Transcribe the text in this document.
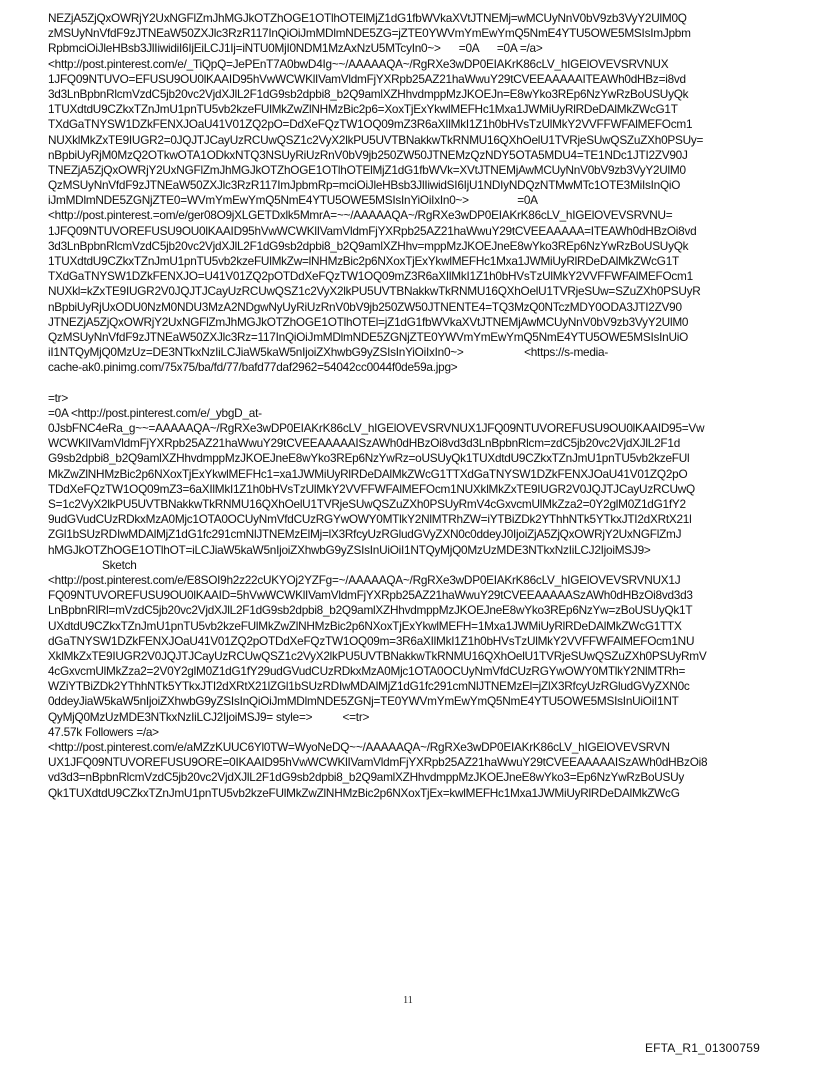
NEZjA5ZjQxOWRjY2UxNGFlZmJhMGJkOTZhOGE1OTlhOTElMjZ1dG1fbWVkaXVtJTNEMj=wMCUyNnV0bV9zb3VyY2UlM0Q
zMSUyNnVfdF9zJTNEaW50ZXJlc3RzR117InQiOiJmMDlmNDE5ZG=jZTE0YWVmYmEwYmQ5NmE4YTU5OWE5MSIsImJpbm
RpbmciOiJleHBsb3JlIiwidiI6IjEiLCJ1Ij=iNTU0MjI0NDM1MzAxNzU5MTcyIn0~>      =0A      =0A =/a>
<http://post.pinterest.com/e/_TiQpQ=JePEnT7A0bwD4Ig~~/AAAAAQA~/RgRXe3wDP0EIAKrK86cLV_hIGElOVEVSRVNUX
1JFQ09NTUVO=EFUSU9OU0lKAAID95hVwWCWKlIVamVldmFjYXRpb25AZ21haWwuY29tCVEEAAAAAITEAWh0dHBz=i8vd
3d3LnBpbnRlcmVzdC5jb20vc2VjdXJlL2F1dG9sb2dpbi8_b2Q9amlXZHhvdmppMzJKOEJn=E8wYko3REp6NzYwRzBoUSUyQk
1TUXdtdU9CZkxTZnJmU1pnTU5vb2kzeFUlMkZwZlNHMzBic2p6=XoxTjExYkwlMEFHc1Mxa1JWMiUyRlRDeDAlMkZWcG1T
TXdGaTNYSW1DZkFENXJOaU41V01ZQ2pO=DdXeFQzTW1OQ09mZ3R6aXIlMkI1Z1h0bHVsTzUlMkY2VVFFWFAlMEFOcm1
NUXklMkZxTE9IUGR2=0JQJTJCayUzRCUwQSZ1c2VyX2lkPU5UVTBNakkwTkRNMU16QXhOelU1TVRjeSUwQSZuZXh0PSUy=
nBpbiUyRjM0MzQ2OTkwOTA1ODkxNTQ3NSUyRiUzRnV0bV9jb250ZW50JTNEMzQzNDY5OTA5MDU4=TE1NDc1JTI2ZV90J
TNEZjA5ZjQxOWRjY2UxNGFlZmJhMGJkOTZhOGE1OTlhOTElMjZ1dG1fbWVk=XVtJTNEMjAwMCUyNnV0bV9zb3VyY2UlM0
QzMSUyNnVfdF9zJTNEaW50ZXJlc3RzR117ImJpbmRp=mciOiJleHBsb3JlIiwidSI6IjU1NDIyNDQzNTMwMTc1OTE3MiIsInQiO
iJmMDlmNDE5ZGNjZTE0=WVmYmEwYmQ5NmE4YTU5OWE5MSIsInYiOiIxIn0~>                =0A
<http://post.pinterest.=om/e/ger08O9jXLGETDxlk5MmrA=~~/AAAAAQA~/RgRXe3wDP0EIAKrK86cLV_hIGElOVEVSRVNU=
1JFQ09NTUVOREFUSU9OU0lKAAID95hVwWCWKlIVamVldmFjYXRpb25AZ21haWwuY29tCVEEAAAAA=ITEAWh0dHBzOi8vd
3d3LnBpbnRlcmVzdC5jb20vc2VjdXJlL2F1dG9sb2dpbi8_b2Q9amlXZHhv=mppMzJKOEJneE8wYko3REp6NzYwRzBoUSUyQk
1TUXdtdU9CZkxTZnJmU1pnTU5vb2kzeFUlMkZw=lNHMzBic2p6NXoxTjExYkwlMEFHc1Mxa1JWMiUyRlRDeDAlMkZWcG1T
TXdGaTNYSW1DZkFENXJO=U41V01ZQ2pOTDdXeFQzTW1OQ09mZ3R6aXIlMkI1Z1h0bHVsTzUlMkY2VVFFWFAlMEFOcm1
NUXkl=kZxTE9IUGR2V0JQJTJCayUzRCUwQSZ1c2VyX2lkPU5UVTBNakkwTkRNMU16QXhOelU1TVRjeSUw=SZuZXh0PSUyR
nBpbiUyRjUxODU0NzM0NDU3MzA2NDgwNyUyRiUzRnV0bV9jb250ZW50JTNENTE4=TQ3MzQ0NTczMDY0ODA3JTI2ZV90
JTNEZjA5ZjQxOWRjY2UxNGFlZmJhMGJkOTZhOGE1OTlhOTEl=jZ1dG1fbWVkaXVtJTNEMjAwMCUyNnV0bV9zb3VyY2UlM0
QzMSUyNnVfdF9zJTNEaW50ZXJlc3Rz=117InQiOiJmMDlmNDE5ZGNjZTE0YWVmYmEwYmQ5NmE4YTU5OWE5MSIsInUiO
iI1NTQyMjQ0MzUz=DE3NTkxNzIiLCJiaW5kaW5nIjoiZXhwbG9yZSIsInYiOiIxIn0~>                    <https://s-media-
cache-ak0.pinimg.com/75x75/ba/fd/77/bafd77daf2962=54042cc0044f0de59a.jpg>
=tr>
=0A <http://post.pinterest.com/e/_ybgD_at-
0JsbFNC4eRa_g~~=AAAAAQA~/RgRXe3wDP0EIAKrK86cLV_hIGElOVEVSRVNUX1JFQ09NTUVOREFUSU9OU0lKAAID95=Vw
WCWKlIVamVldmFjYXRpb25AZ21haWwuY29tCVEEAAAAAISzAWh0dHBzOi8vd3d3LnBpbnRlcm=zdC5jb20vc2VjdXJlL2F1d
G9sb2dpbi8_b2Q9amlXZHhvdmppMzJKOEJneE8wYko3REp6NzYwRz=oUSUyQk1TUXdtdU9CZkxTZnJmU1pnTU5vb2kzeFUl
MkZwZlNHMzBic2p6NXoxTjExYkwlMEFHc1=xa1JWMiUyRlRDeDAlMkZWcG1TTXdGaTNYSW1DZkFENXJOaU41V01ZQ2pO
TDdXeFQzTW1OQ09mZ3=6aXIlMkI1Z1h0bHVsTzUlMkY2VVFFWFAlMEFOcm1NUXklMkZxTE9IUGR2V0JQJTJCayUzRCUwQ
S=1c2VyX2lkPU5UVTBNakkwTkRNMU16QXhOelU1TVRjeSUwQSZuZXh0PSUyRmV4cGxvcmUlMkZza2=0Y2glM0Z1dG1fY2
9udGVudCUzRDkxMzA0Mjc1OTA0OCUyNmVfdCUzRGYwOWY0MTlkY2NlMTRhZW=iYTBiZDk2YThhNTk5YTkxJTI2dXRtX21l
ZGl1bSUzRDIwMDAlMjZ1dG1fc291cmNlJTNEMzElMj=lX3RfcyUzRGludGVyZXN0c0ddeyJ0IjoiZjA5ZjQxOWRjY2UxNGFlZmJ
hMGJkOTZhOGE1OTlhOT=iLCJiaW5kaW5nIjoiZXhwbG9yZSIsInUiOiI1NTQyMjQ0MzUzMDE3NTkxNzIiLCJ2IjoiMSJ9>
Sketch
<http://post.pinterest.com/e/E8SOI9h2z22cUKYOj2YZFg=~/AAAAAQA~/RgRXe3wDP0EIAKrK86cLV_hIGElOVEVSRVNUX1J
FQ09NTUVOREFUSU9OU0lKAAID=5hVwWCWKlIVamVldmFjYXRpb25AZ21haWwuY29tCVEEAAAAASzAWh0dHBzOi8vd3d3
LnBpbnRlRl=mVzdC5jb20vc2VjdXJlL2F1dG9sb2dpbi8_b2Q9amlXZHhvdmppMzJKOEJneE8wYko3REp6NzYw=zBoUSUyQk1T
UXdtdU9CZkxTZnJmU1pnTU5vb2kzeFUlMkZwZlNHMzBic2p6NXoxTjExYkwlMEFH=1Mxa1JWMiUyRlRDeDAlMkZWcG1TTX
dGaTNYSW1DZkFENXJOaU41V01ZQ2pOTDdXeFQzTW1OQ09m=3R6aXIlMkI1Z1h0bHVsTzUlMkY2VVFFWFAlMEFOcm1NU
XklMkZxTE9IUGR2V0JQJTJCayUzRCUwQSZ1c2VyX2lkPU5UVTBNakkwTkRNMU16QXhOelU1TVRjeSUwQSZuZXh0PSUyRmV
4cGxvcmUlMkZza2=2V0Y2glM0Z1dG1fY29udGVudCUzRDkxMzA0Mjc1OTA0OCUyNmVfdCUzRGYwOWY0MTlkY2NlMTRh=
WZiYTBiZDk2YThhNTk5YTkxJTI2dXRtX21lZGl1bSUzRDIwMDAlMjZ1dG1fc291cmNlJTNEMzEl=jZlX3RfcyUzRGludGVyZXN0c
0ddeyJiaW5kaW5nIjoiZXhwbG9yZSIsInQiOiJmMDlmNDE5ZGNj=TE0YWVmYmEwYmQ5NmE4YTU5OWE5MSIsInUiOiI1NT
QyMjQ0MzUzMDE3NTkxNzIiLCJ2IjoiMSJ9= style=>          <=tr>
47.57k Followers =/a>
<http://post.pinterest.com/e/aMZzKUUC6Yl0TW=WyoNeDQ~~/AAAAAQA~/RgRXe3wDP0EIAKrK86cLV_hIGElOVEVSRVN
UX1JFQ09NTUVOREFUSU9ORE=0IKAAID95hVwWCWKlIVamVldmFjYXRpb25AZ21haWwuY29tCVEEAAAAAISzAWh0dHBzOi8
vd3d3=nBpbnRlcmVzdC5jb20vc2VjdXJlL2F1dG9sb2dpbi8_b2Q9amlXZHhvdmppMzJKOEJneE8wYko3=Ep6NzYwRzBoUSUy
Qk1TUXdtdU9CZkxTZnJmU1pnTU5vb2kzeFUlMkZwZlNHMzBic2p6NXoxTjEx=kwlMEFHc1Mxa1JWMiUyRlRDeDAlMkZWcG
11
EFTA_R1_01300759
